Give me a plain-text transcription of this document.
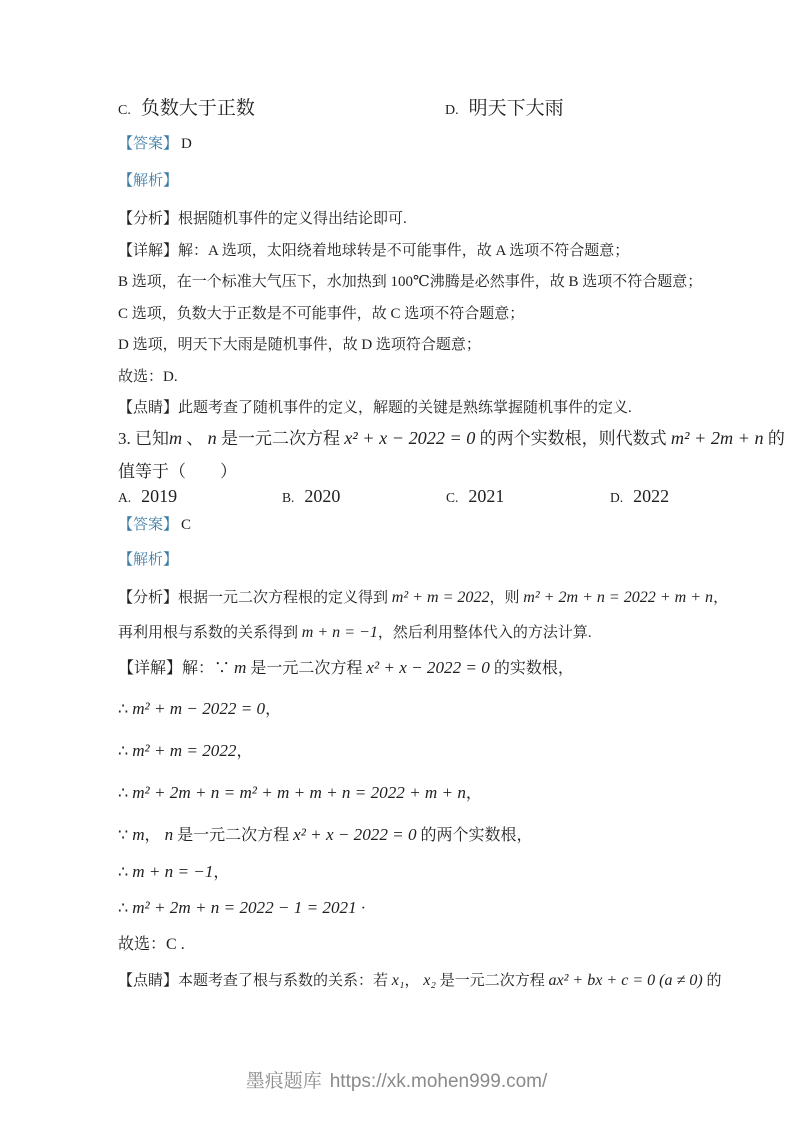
C. 负数大于正数	D. 明天下大雨
【答案】 D
【解析】
【分析】根据随机事件的定义得出结论即可.
【详解】解：A 选项，太阳绕着地球转是不可能事件，故 A 选项不符合题意；
B 选项，在一个标准大气压下，水加热到 100℃沸腾是必然事件，故 B 选项不符合题意；
C 选项，负数大于正数是不可能事件，故 C 选项不符合题意；
D 选项，明天下大雨是随机事件，故 D 选项符合题意；
故选：D.
【点睛】此题考查了随机事件的定义，解题的关键是熟练掌握随机事件的定义.
3. 已知m 、 n 是一元二次方程 x² + x − 2022 = 0 的两个实数根，则代数式 m² + 2m + n 的
值等于（　　）
A. 2019	B. 2020	C. 2021	D. 2022
【答案】 C
【解析】
【分析】根据一元二次方程根的定义得到 m² + m = 2022，则 m² + 2m + n = 2022 + m + n，
再利用根与系数的关系得到 m + n = −1，然后利用整体代入的方法计算.
【详解】解：∵ m 是一元二次方程 x² + x − 2022 = 0 的实数根，
∴ m² + m − 2022 = 0，
∴ m² + m = 2022，
∴ m² + 2m + n = m² + m + m + n = 2022 + m + n，
∵ m， n 是一元二次方程 x² + x − 2022 = 0 的两个实数根，
∴ m + n = −1，
∴ m² + 2m + n = 2022 − 1 = 2021 ·
故选：C .
【点睛】本题考查了根与系数的关系：若 x₁， x₂ 是一元二次方程 ax² + bx + c = 0 (a ≠ 0) 的
墨痕题库 https://xk.mohen999.com/
